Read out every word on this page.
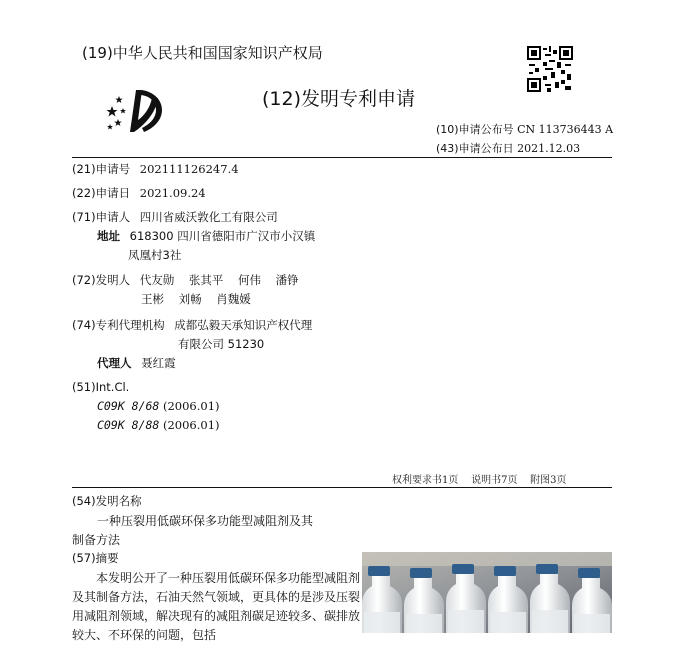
(19)中华人民共和国国家知识产权局
(12)发明专利申请
(10)申请公布号 CN 113736443 A
(43)申请公布日 2021.12.03
(21)申请号 202111126247.4
(22)申请日 2021.09.24
(71)申请人 四川省威沃敦化工有限公司
地址 618300 四川省德阳市广汉市小汉镇
凤凰村3社
(72)发明人 代友勋    张其平    何伟    潘铮
王彬    刘畅    肖魏媛
(74)专利代理机构 成都弘毅天承知识产权代理
有限公司 51230
代理人 聂红霞
(51)Int.Cl.
C09K 8/68 (2006.01)
C09K 8/88 (2006.01)
权利要求书1页    说明书7页    附图3页
(54)发明名称
一种压裂用低碳环保多功能型减阻剂及其
制备方法
(57)摘要
本发明公开了一种压裂用低碳环保多功能型减阻剂及其制备方法，石油天然气领域，更具体的是涉及压裂用减阻剂领域，解决现有的减阻剂碳足迹较多、碳排放较大、不环保的问题，包括
